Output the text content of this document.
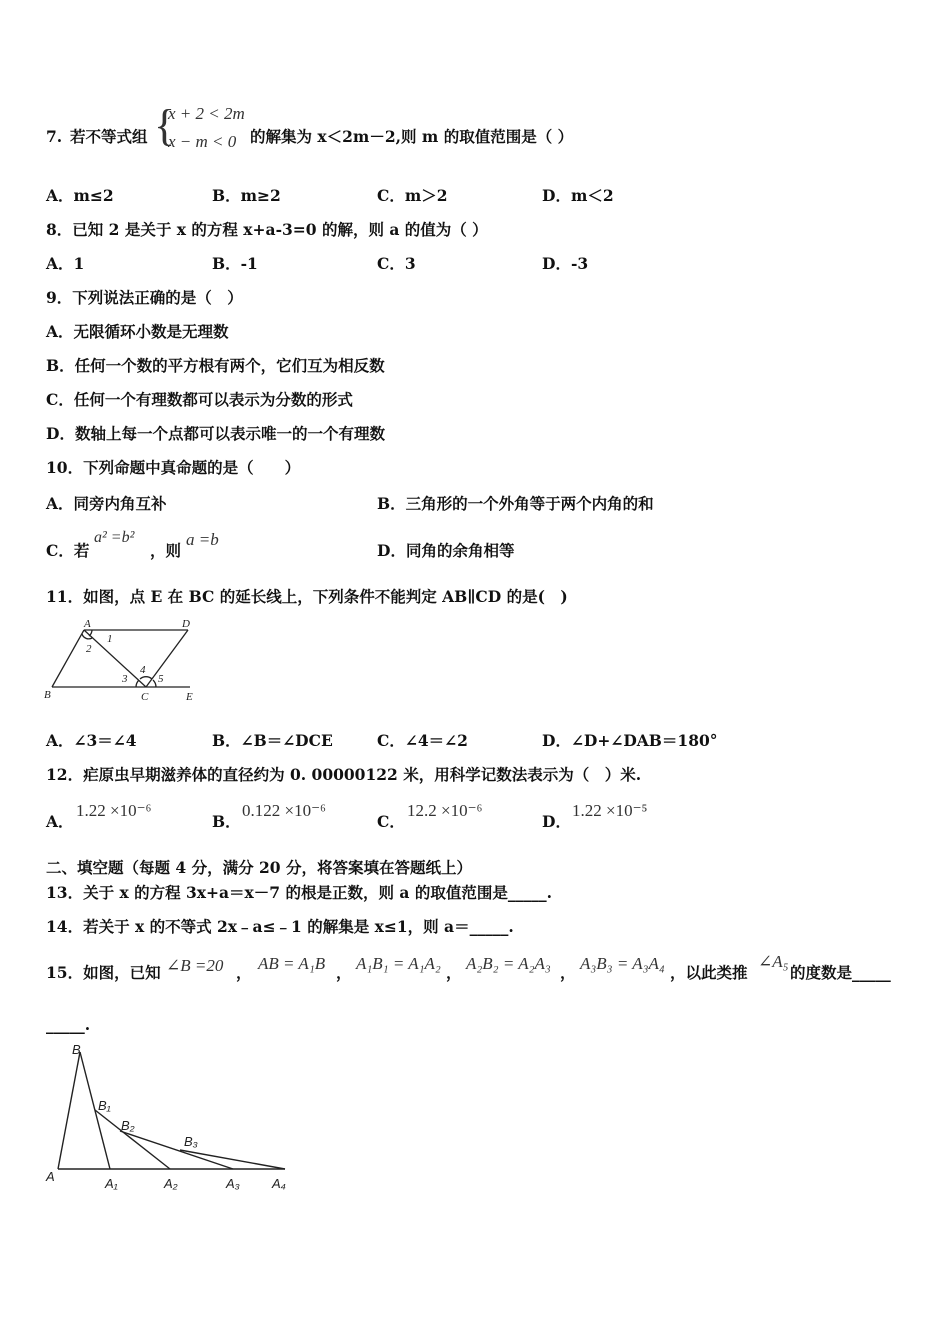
7. 若不等式组 {
x + 2 < 2m
x − m < 0 的解集为 x＜2m－2,则 m 的取值范围是（ ）
A．m≤2	B．m≥2	C．m＞2	D．m＜2
8．已知 2 是关于 x 的方程 x+a-3=0 的解，则 a 的值为（ ）
A．1	B．-1	C．3	D．-3
9．下列说法正确的是（　）
A．无限循环小数是无理数
B．任何一个数的平方根有两个，它们互为相反数
C．任何一个有理数都可以表示为分数的形式
D．数轴上每一个点都可以表示唯一的一个有理数
10．下列命题中真命题的是（　　）
A．同旁内角互补	B．三角形的一个外角等于两个内角的和
C．若
a² =b²
，则
a =b
D．同角的余角相等
11．如图，点 E 在 BC 的延长线上，下列条件不能判定 AB∥CD 的是(　)
A	D
1
2
4
3	5
B	C	E
A．∠3＝∠4	B．∠B＝∠DCE	C．∠4＝∠2	D．∠D+∠DAB＝180°
12．疟原虫早期滋养体的直径约为 0. 00000122 米，用科学记数法表示为（　）米.
A．
1.22 ×10⁻⁶
B．
0.122 ×10⁻⁶
C．
12.2 ×10⁻⁶
D．
1.22 ×10⁻⁵
二、填空题（每题 4 分，满分 20 分，将答案填在答题纸上）
13．关于 x 的方程 3x+a＝x－7 的根是正数，则 a 的取值范围是_____.
14．若关于 x 的不等式 2x﹣a≤﹣1 的解集是 x≤1，则 a＝_____.
15．如图，已知 ∠B =20 ， AB = A₁B ， A₁B₁ = A₁A₂ ， A₂B₂ = A₂A₃ ， A₃B₃ = A₃A₄ ，以此类推
∠A₅
的度数是_____
_____.
B
B₁
B₂
B₃
A	A₁	A₂	A₃ A₄
